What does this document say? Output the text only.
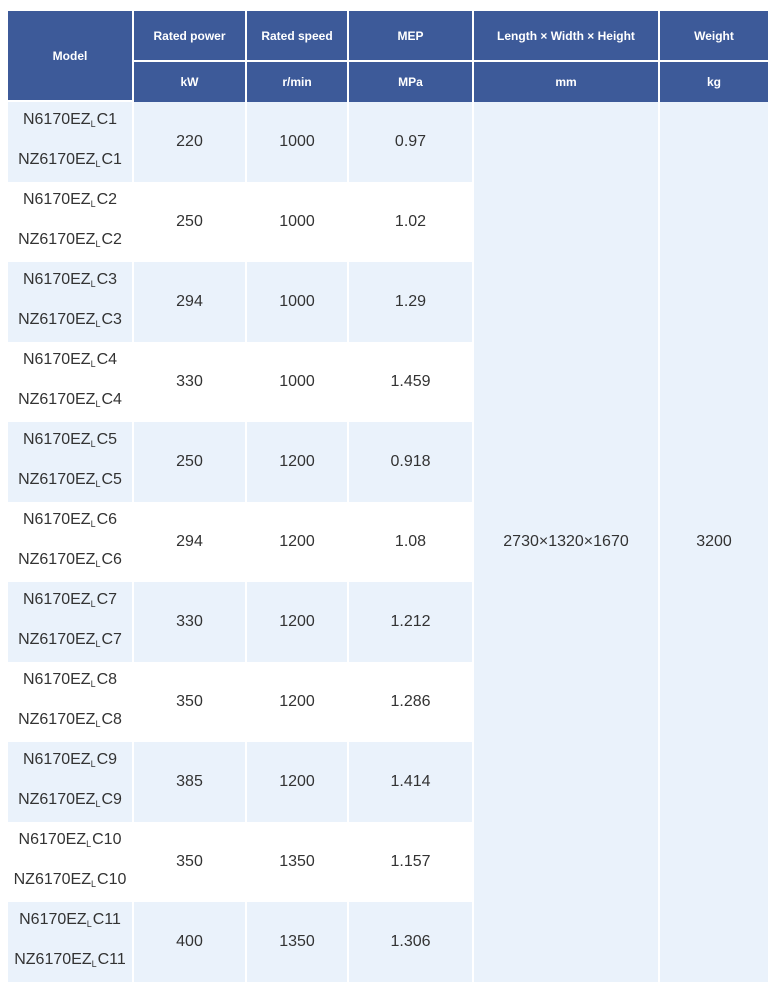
Model	Rated power	Rated speed	MEP	Length × Width × Height	Weight
	kW	r/min	MPa	mm	kg

$N6170EZ_LC1$
$NZ6170EZ_LC1$	220	1000	0.97	2730×1320×1670	3200

$N6170EZ_LC2$
$NZ6170EZ_LC2$	250	1000	1.02		

$N6170EZ_LC3$
$NZ6170EZ_LC3$	294	1000	1.29		

$N6170EZ_LC4$
$NZ6170EZ_LC4$	330	1000	1.459		

$N6170EZ_LC5$
$NZ6170EZ_LC5$	250	1200	0.918		

$N6170EZ_LC6$
$NZ6170EZ_LC6$	294	1200	1.08		

$N6170EZ_LC7$
$NZ6170EZ_LC7$	330	1200	1.212		

$N6170EZ_LC8$
$NZ6170EZ_LC8$	350	1200	1.286		

$N6170EZ_LC9$
$NZ6170EZ_LC9$	385	1200	1.414		

$N6170EZ_LC10$
$NZ6170EZ_LC10$	350	1350	1.157		

$N6170EZ_LC11$
$NZ6170EZ_LC11$	400	1350	1.306		
